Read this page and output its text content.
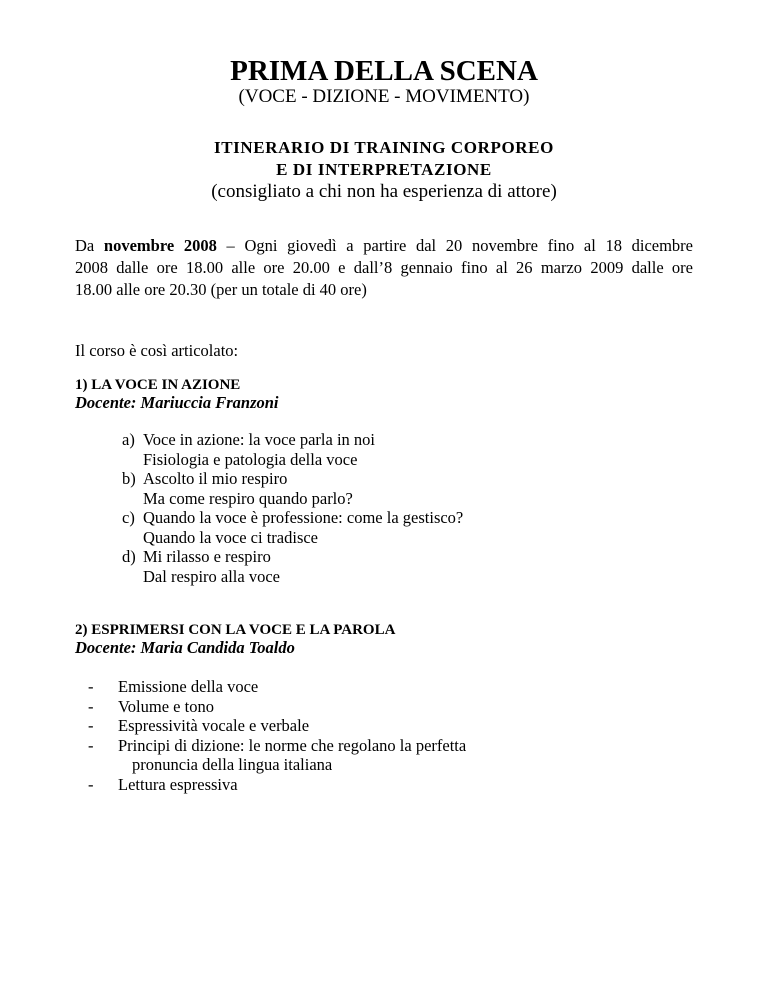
PRIMA DELLA SCENA
(VOCE - DIZIONE - MOVIMENTO)
ITINERARIO DI TRAINING CORPOREO
E DI INTERPRETAZIONE
(consigliato a chi non ha esperienza di attore)
Da novembre 2008 – Ogni giovedì a partire dal 20 novembre fino al 18 dicembre
2008 dalle ore 18.00 alle ore 20.00 e dall’8 gennaio fino al 26 marzo 2009 dalle ore
18.00 alle ore 20.30 (per un totale di 40 ore)
Il corso è così articolato:
1) LA VOCE IN AZIONE
Docente: Mariuccia Franzoni
a) Voce in azione: la voce parla in noi
Fisiologia e patologia della voce
b) Ascolto il mio respiro
Ma come respiro quando parlo?
c) Quando la voce è professione: come la gestisco?
Quando la voce ci tradisce
d) Mi rilasso e respiro
Dal respiro alla voce
2) ESPRIMERSI CON LA VOCE E LA PAROLA
Docente: Maria Candida Toaldo
- Emissione della voce
- Volume e tono
- Espressività vocale e verbale
- Principi di dizione: le norme che regolano la perfetta
pronuncia della lingua italiana
- Lettura espressiva
